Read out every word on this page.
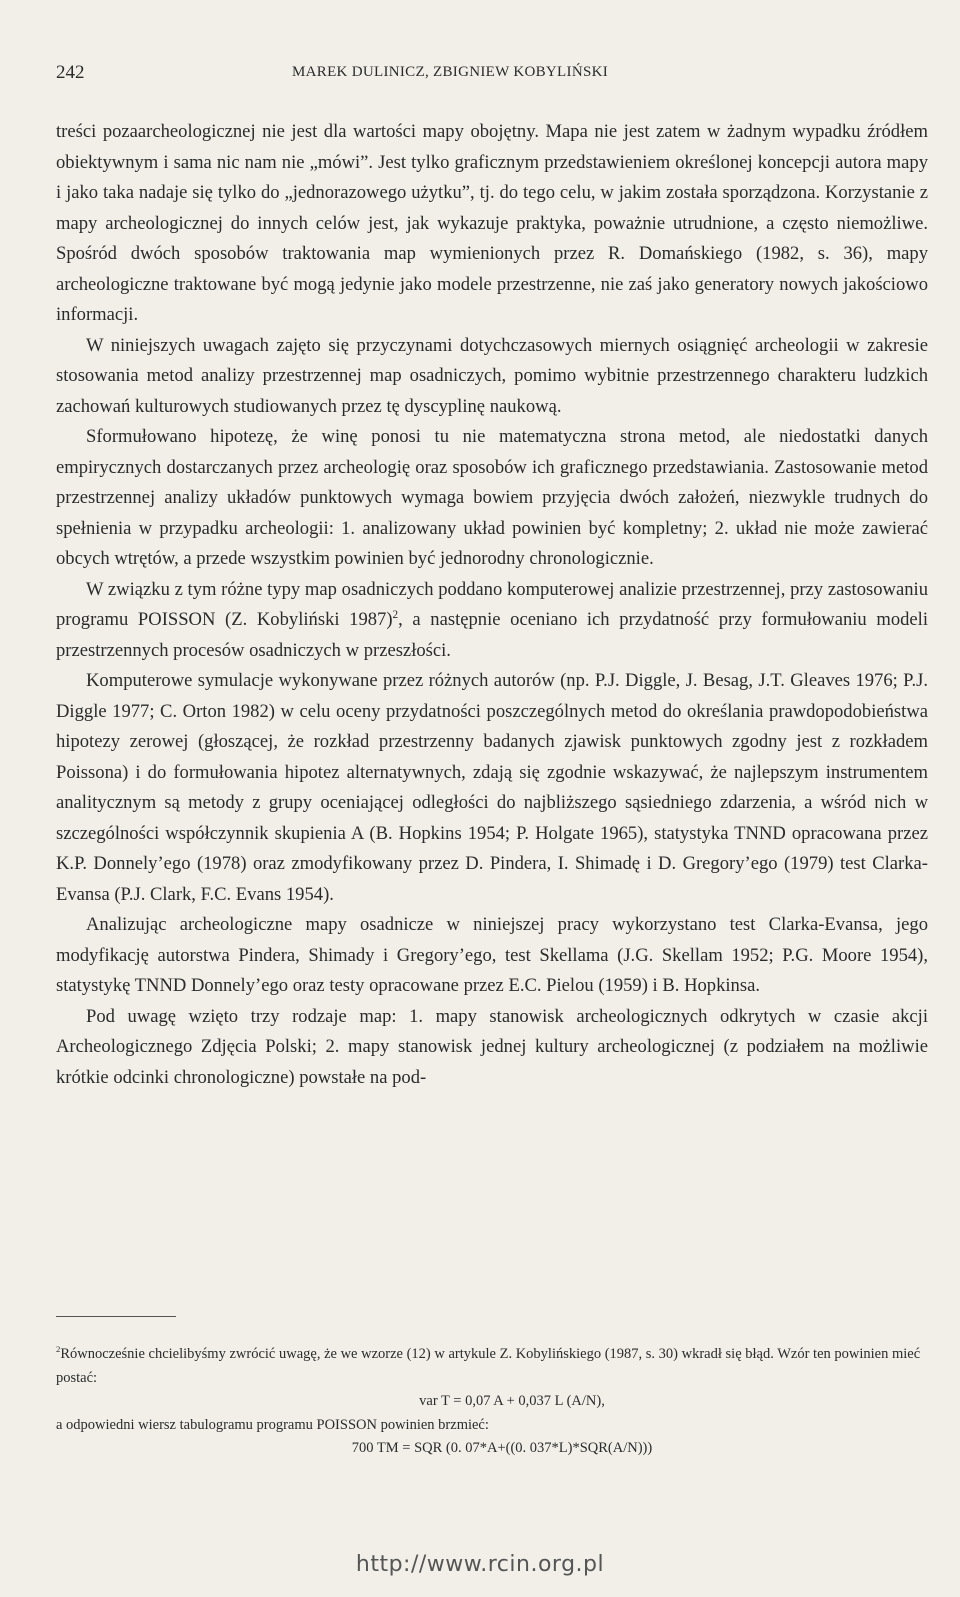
242	MAREK DULINICZ, ZBIGNIEW KOBYLIŃSKI

treści pozaarcheologicznej nie jest dla wartości mapy obojętny. Mapa nie jest zatem w żadnym wypadku źródłem obiektywnym i sama nic nam nie „mówi”. Jest tylko graficznym przedstawieniem określonej koncepcji autora mapy i jako taka nadaje się tylko do „jednorazowego użytku”, tj. do tego celu, w jakim została sporządzona. Korzystanie z mapy archeologicznej do innych celów jest, jak wykazuje praktyka, poważnie utrudnione, a często niemożliwe. Spośród dwóch sposobów traktowania map wymienionych przez R. Domańskiego (1982, s. 36), mapy archeologiczne traktowane być mogą jedynie jako modele przestrzenne, nie zaś jako generatory nowych jakościowo informacji.

W niniejszych uwagach zajęto się przyczynami dotychczasowych miernych osiągnięć archeologii w zakresie stosowania metod analizy przestrzennej map osadniczych, pomimo wybitnie przestrzennego charakteru ludzkich zachowań kulturowych studiowanych przez tę dyscyplinę naukową.

Sformułowano hipotezę, że winę ponosi tu nie matematyczna strona metod, ale niedostatki danych empirycznych dostarczanych przez archeologię oraz sposobów ich graficznego przedstawiania. Zastosowanie metod przestrzennej analizy układów punktowych wymaga bowiem przyjęcia dwóch założeń, niezwykle trudnych do spełnienia w przypadku archeologii: 1. analizowany układ powinien być kompletny; 2. układ nie może zawierać obcych wtrętów, a przede wszystkim powinien być jednorodny chronologicznie.

W związku z tym różne typy map osadniczych poddano komputerowej analizie przestrzennej, przy zastosowaniu programu POISSON (Z. Kobyliński 1987)$^2$, a następnie oceniano ich przydatność przy formułowaniu modeli przestrzennych procesów osadniczych w przeszłości.

Komputerowe symulacje wykonywane przez różnych autorów (np. P.J. Diggle, J. Besag, J.T. Gleaves 1976; P.J. Diggle 1977; C. Orton 1982) w celu oceny przydatności poszczególnych metod do określania prawdopodobieństwa hipotezy zerowej (głoszącej, że rozkład przestrzenny badanych zjawisk punktowych zgodny jest z rozkładem Poissona) i do formułowania hipotez alternatywnych, zdają się zgodnie wskazywać, że najlepszym instrumentem analitycznym są metody z grupy oceniającej odległości do najbliższego sąsiedniego zdarzenia, a wśród nich w szczególności współczynnik skupienia A (B. Hopkins 1954; P. Holgate 1965), statystyka TNND opracowana przez K.P. Donnely’ego (1978) oraz zmodyfikowany przez D. Pindera, I. Shimadę i D. Gregory’ego (1979) test Clarka-Evansa (P.J. Clark, F.C. Evans 1954).

Analizując archeologiczne mapy osadnicze w niniejszej pracy wykorzystano test Clarka-Evansa, jego modyfikację autorstwa Pindera, Shimady i Gregory’ego, test Skellama (J.G. Skellam 1952; P.G. Moore 1954), statystykę TNND Donnely’ego oraz testy opracowane przez E.C. Pielou (1959) i B. Hopkinsa.

Pod uwagę wzięto trzy rodzaje map: 1. mapy stanowisk archeologicznych odkrytych w czasie akcji Archeologicznego Zdjęcia Polski; 2. mapy stanowisk jednej kultury archeologicznej (z podziałem na możliwie krótkie odcinki chronologiczne) powstałe na pod-

$^2$Równocześnie chcielibyśmy zwrócić uwagę, że we wzorze (12) w artykule Z. Kobylińskiego (1987, s. 30) wkradł się błąd. Wzór ten powinien mieć postać:

var T = 0,07 A + 0,037 L (A/N),

a odpowiedni wiersz tabulogramu programu POISSON powinien brzmieć:

700 TM = SQR (0. 07*A+((0. 037*L)*SQR(A/N)))

http://www.rcin.org.pl
